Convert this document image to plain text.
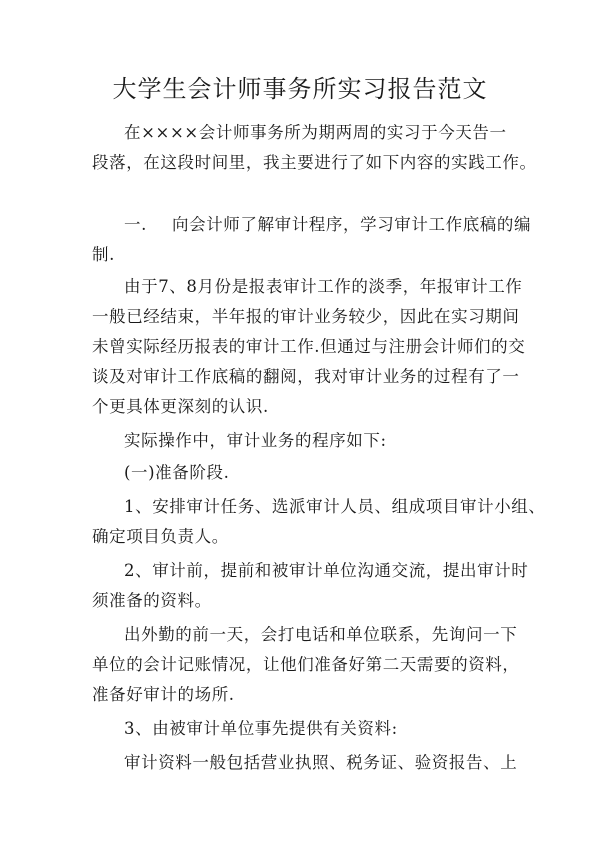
大学生会计师事务所实习报告范文
在××××会计师事务所为期两周的实习于今天告一
段落，在这段时间里，我主要进行了如下内容的实践工作。
一. 向会计师了解审计程序，学习审计工作底稿的编
制.
由于7、8月份是报表审计工作的淡季，年报审计工作
一般已经结束，半年报的审计业务较少，因此在实习期间
未曾实际经历报表的审计工作.但通过与注册会计师们的交
谈及对审计工作底稿的翻阅，我对审计业务的过程有了一
个更具体更深刻的认识.
实际操作中，审计业务的程序如下:
(一)准备阶段.
1、安排审计任务、选派审计人员、组成项目审计小组、
确定项目负责人。
2、审计前，提前和被审计单位沟通交流，提出审计时
须准备的资料。
出外勤的前一天，会打电话和单位联系，先询问一下
单位的会计记账情况，让他们准备好第二天需要的资料，
准备好审计的场所.
3、由被审计单位事先提供有关资料:
审计资料一般包括营业执照、税务证、验资报告、上
